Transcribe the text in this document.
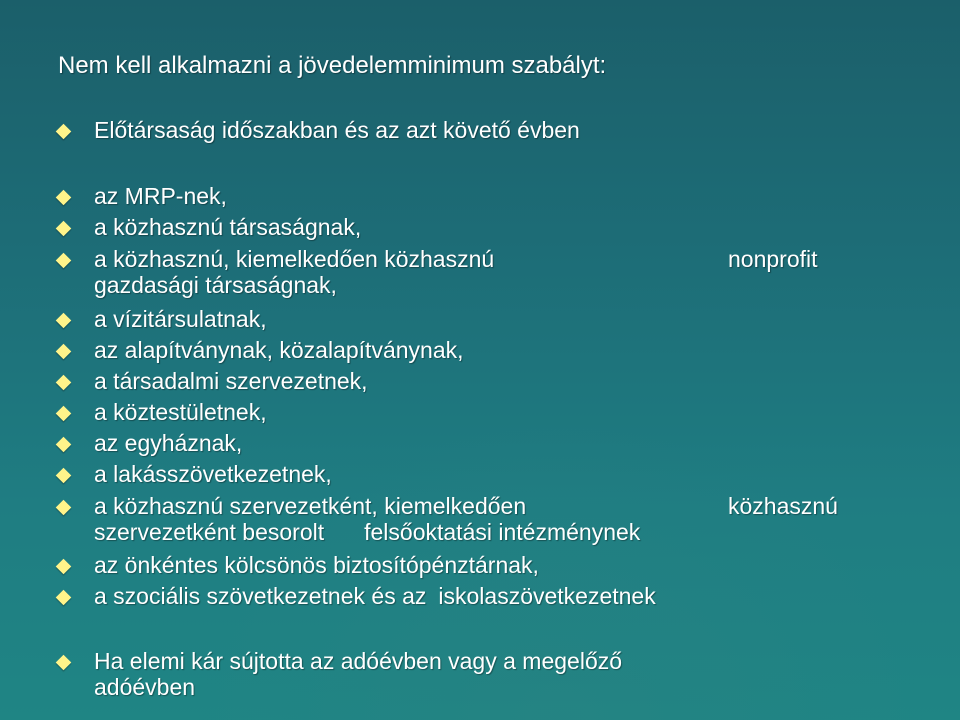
Nem kell alkalmazni a jövedelemminimum szabályt:
Előtársaság időszakban és az azt követő évben
az MRP-nek,
a közhasznú társaságnak,
a közhasznú, kiemelkedően közhasznú	nonprofit
gazdasági társaságnak,
a vízitársulatnak,
az alapítványnak, közalapítványnak,
a társadalmi szervezetnek,
a köztestületnek,
az egyháznak,
a lakásszövetkezetnek,
a közhasznú szervezetként, kiemelkedően	közhasznú
szervezetként besorolt felsőoktatási intézménynek
az önkéntes kölcsönös biztosítópénztárnak,
a szociális szövetkezetnek és az iskolaszövetkezetnek
Ha elemi kár sújtotta az adóévben vagy a megelőző
adóévben
